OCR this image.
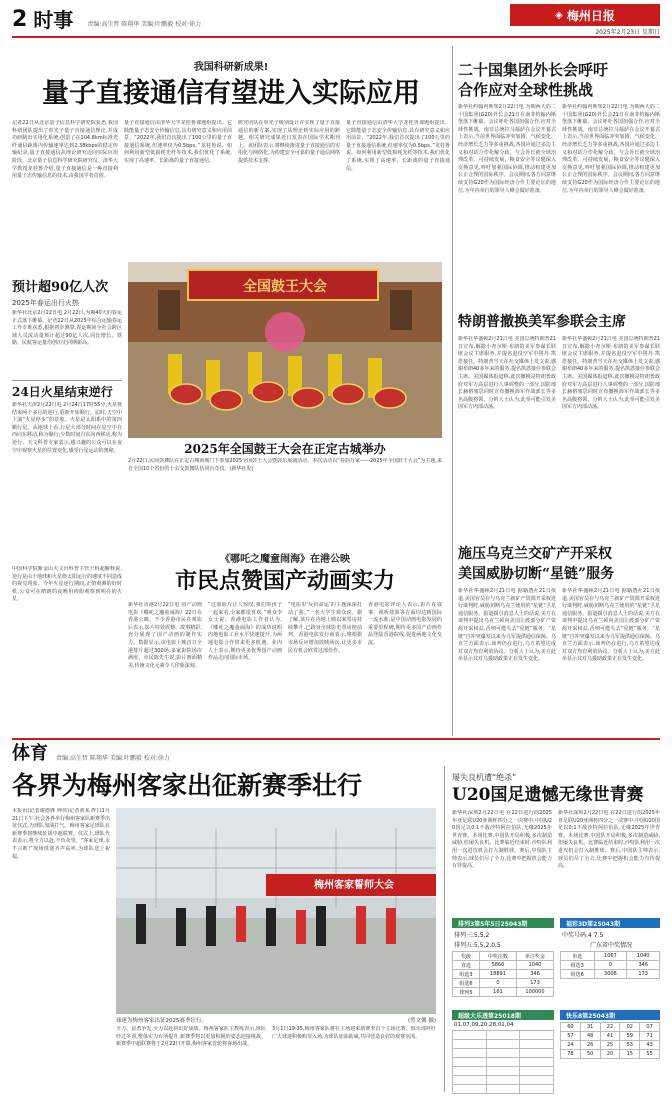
2 时事 责编:高生哲 陈翔华 美编:叶鹏毅 校对:徐力
◈ 梅州日报
2025年2月23日 星期日
我国科研新成果!
量子直接通信有望进入实际应用
记者22日从北京量子信息科学研究院获悉,我国科研团队提出了单光子量子直接通信理论,并成功研制出实用化系统,创造了在104.8km标准光纤通信距离内传输速率达到2.38kbps的稳定传输纪录,量子直接通信从理论研究迈向实际应用阶段。北京量子信息科学研究院研究员、清华大学教授龙桂鲁介绍,量子直接通信是一种直接利用量子态传输信息的技术,由我国学者首创。
量子直接通信由清华大学龙桂鲁课题组提出。它除能量子态安全传输信息,具有研究意义和应用前景。“2022年,我们首次提出了100公里的量子直接通信系统,但速率仅为0.5bps。”龙桂鲁说。如何利用新型低损耗光纤等技术,我们优化了系统,实现了高速率、长距离的量子直接通信。
研究团队在单光子级别设计并实现了量子直接通信的新方案,实现了从理论到实际应用的跨越。相关研究成果近日发表在国际学术期刊上。该团队表示,将继续推进量子直接通信的实用化与网络化,为构建安全可靠的量子通信网络提供技术支撑。
量子直接通信由清华大学龙桂鲁课题组提出。它除能量子态安全传输信息,具有研究意义和应用前景。“2022年,我们首次提出了100公里的量子直接通信系统,但速率仅为0.5bps。”龙桂鲁说。如何利用新型低损耗光纤等技术,我们优化了系统,实现了高速率、长距离的量子直接通信。
预计超90亿人次
2025年春运出行火热
新华社北京2月22日电 2月22日,为期40天的春运正式落下帷幕。记者22日从2025年综合运输春运工作专班获悉,根据初步测算,春运期间全社会跨区域人员流动量预计超过90亿人次,同比增长。铁路、民航客运量均创历史同期新高。
24日火星结束逆行
新华社天津2月22日电 2月24日17时55分,火星将结束两个多月的逆行,重新开始顺行。届时,天空中上演“火星停步”的景象。火星是太阳系中的第四颗行星。从地球上看,行星大部分时间在星空中自西向东移动,称为顺行;少数时间自东向西移动,称为逆行。天文科普专家表示,感兴趣的公众可以在夜空中观察火星的位置变化,感受行星运动的奥秘。
中国科学院紫金山天文台科普主管王科超解释说,逆行是由于地球和火星绕太阳运行的速度不同造成的视觉现象。今年火星逆行期间,正值观测的好时机,公众可在晴朗的夜晚用肉眼观察到明亮的火星。
全国鼓王大会
2025年全国鼓王大会在正定古城举办
2月22日,民间鼓舞队在正定古城南城门下参加2025全国鼓王大会暨鼓乐展演活动。本次活动以“春韵万家——2025年全国鼓王大会”为主题,来自全国10个省份的十余支鼓舞队伍同台竞技。(新华社发)
《哪吒之魔童闹海》在港公映
市民点赞国产动画实力
新华社香港2月22日电 国产动画电影《哪吒之魔童闹海》22日在香港公映。不少香港市民在观影后表示,影片特效震撼、故事精彩,充分展现了国产动画的制作实力。数据显示,该电影上映首日全港排片超过300场,多家影院场次满座。市民陈先生说,影片画面精美,传统文化元素令人印象深刻。
“这部影片让人惊叹,我们带孩子一起来看,全家都很喜欢。”观众李女士说。香港电影工作者认为,《哪吒之魔童闹海》的成功说明内地电影工业水平快速提升,为两地电影合作带来更多机遇。业内人士表示,期待更多优秀国产动画作品走向国际市场。
“电影里‘反抗命运’的主题深深打动了我。”一名大学生观众说。据了解,该片在内地上映以来票房持续攀升,已跻身全球影史票房榜前列。香港电影发行商表示,将根据市场反应增加放映场次,让更多市民有机会欣赏这部佳作。
香港电影评论人表示,影片在叙事、视听效果等方面均达到国际一流水准,是中国动画电影发展的重要里程碑,期待更多国产动画作品登陆香港院线,促进两地文化交流。
二十国集团外长会呼吁
合作应对全球性挑战
新华社约翰内斯堡2月22日电 为期两天的二十国集团(G20)外长会21日在南非约翰内斯堡落下帷幕。会议呼吁各国加强合作,应对全球性挑战。南非总统拉马福萨在会议开幕式上表示,当前世界面临冲突加剧、气候变化、经济增长乏力等多重挑战,各国应通过多边主义和对话合作化解分歧。与会外长就全球治理改革、可持续发展、粮食安全等议题深入交换意见,呼吁加强国际协调,推动构建更加公正合理的国际秩序。会议期间,各方同意继续支持G20作为国际经济合作主要论坛的地位,为年内举行的领导人峰会做好准备。
新华社约翰内斯堡2月22日电 为期两天的二十国集团(G20)外长会21日在南非约翰内斯堡落下帷幕。会议呼吁各国加强合作,应对全球性挑战。南非总统拉马福萨在会议开幕式上表示,当前世界面临冲突加剧、气候变化、经济增长乏力等多重挑战,各国应通过多边主义和对话合作化解分歧。与会外长就全球治理改革、可持续发展、粮食安全等议题深入交换意见,呼吁加强国际协调,推动构建更加公正合理的国际秩序。会议期间,各方同意继续支持G20作为国际经济合作主要论坛的地位,为年内举行的领导人峰会做好准备。
特朗普撤换美军参联会主席
新华社华盛顿2月21日电 美国总统特朗普21日宣布,解除小查尔斯·布朗的美军参谋长联席会议主席职务,并提名退役空军中将丹·凯恩接任。特朗普当天在社交媒体上发文说,感谢布朗40多年来的服务,提名凯恩接任参联会主席。美国媒体报道称,此次撤换是特朗普政府对军方高层进行人事调整的一部分,国防部长赫格塞思同时宣布撤换海军作战部长等多名高级将领。分析人士认为,此举可能引发美国军方内部动荡。
新华社华盛顿2月21日电 美国总统特朗普21日宣布,解除小查尔斯·布朗的美军参谋长联席会议主席职务,并提名退役空军中将丹·凯恩接任。特朗普当天在社交媒体上发文说,感谢布朗40多年来的服务,提名凯恩接任参联会主席。美国媒体报道称,此次撤换是特朗普政府对军方高层进行人事调整的一部分,国防部长赫格塞思同时宣布撤换海军作战部长等多名高级将领。分析人士认为,此举可能引发美国军方内部动荡。
施压乌克兰交矿产开采权
美国威胁切断“星链”服务
新华社华盛顿2月21日电 据路透社21日报道,美国官员在与乌克兰就矿产资源开采权进行谈判时,威胁切断乌克兰使用的“星链”卫星通信服务。报道援引消息人士的话说,美方在谈判中提出乌克兰须向美国让渡部分矿产资源开采权益,否则可能失去“星链”服务。“星链”自冲突爆发以来为乌军提供通信保障。乌克兰方面表示,谈判仍在进行,乌方希望达成对双方均有利的协议。分析人士认为,美方此举显示其对乌援助政策正在发生变化。
新华社华盛顿2月21日电 据路透社21日报道,美国官员在与乌克兰就矿产资源开采权进行谈判时,威胁切断乌克兰使用的“星链”卫星通信服务。报道援引消息人士的话说,美方在谈判中提出乌克兰须向美国让渡部分矿产资源开采权益,否则可能失去“星链”服务。“星链”自冲突爆发以来为乌军提供通信保障。乌克兰方面表示,谈判仍在进行,乌方希望达成对双方均有利的协议。分析人士认为,美方此举显示其对乌援助政策正在发生变化。
体育 责编:高生哲 陈翔华 美编:叶鹏毅 校对:徐力
各界为梅州客家出征新赛季壮行
本报讯(记者谢德锋 钟伟)记者黄某 昨日1月21日下午,社会各界举行梅州客家队新赛季出征仪式,为球队加油打气。梅州客家足球队在新赛季将继续征战中超联赛。仪式上,球队代表表示,将全力以赴,不负众望。“客家足球,永不言败!”现场球迷齐声高呼,为球队送上祝福。
梅州客家誓师大会
球迷为梅州客家出征2025赛季壮行。	(曾文馨 摄)
全力、奋勇争先,全力以赴拼出好成绩。梅州客家队主教练表示,球队经过冬训,整体实力有所提升,新赛季将以更加积极的姿态迎接挑战。新赛季中超联赛将于2月22日开幕,梅州客家首轮将客场出战。
3月1日19:35,梅州客家队将在主场迎来新赛季首个主场比赛。俱乐部呼吁广大球迷积极购票入场,为球队加油助威,共同营造良好的观赛氛围。
屡失良机遭“绝杀”
U20国足遗憾无缘世青赛
新华社深圳2月22日电 在22日进行的2025年亚足联U20亚洲杯四分之一决赛中,中国U20国足以0:1不敌沙特阿拉伯队,无缘2025年世青赛。本场比赛,中国队开局积极,多次制造威胁,但屡失良机。比赛临近结束时,沙特队利用一次进攻机会打入制胜球。赛后,中国队主帅表示,球员们尽了全力,比赛中把握机会能力有待提高。
新华社深圳2月22日电 在22日进行的2025年亚足联U20亚洲杯四分之一决赛中,中国U20国足以0:1不敌沙特阿拉伯队,无缘2025年世青赛。本场比赛,中国队开局积极,多次制造威胁,但屡失良机。比赛临近结束时,沙特队利用一次进攻机会打入制胜球。赛后,中国队主帅表示,球员们尽了全力,比赛中把握机会能力有待提高。
排列3第5年5日25043期
排列三:5,5,2
排列五:5,5,2,0,5
奖级	中奖注数	单注奖金
直选	5860	1040
组选3	18891	346
组选6	0	173
排列5	161	100000
超级大乐透第25018期
01,07,09,20,28,01,04

福彩3D第25043期
中奖号码:4 7 5
广东省中奖情况
单选	1067	1040
组选3	0	346
组选6	3006	173
快乐8第25043期
60	31	22	02	07
57	48	41	59	71
24	26	25	53	43
78	50	20	15	55
